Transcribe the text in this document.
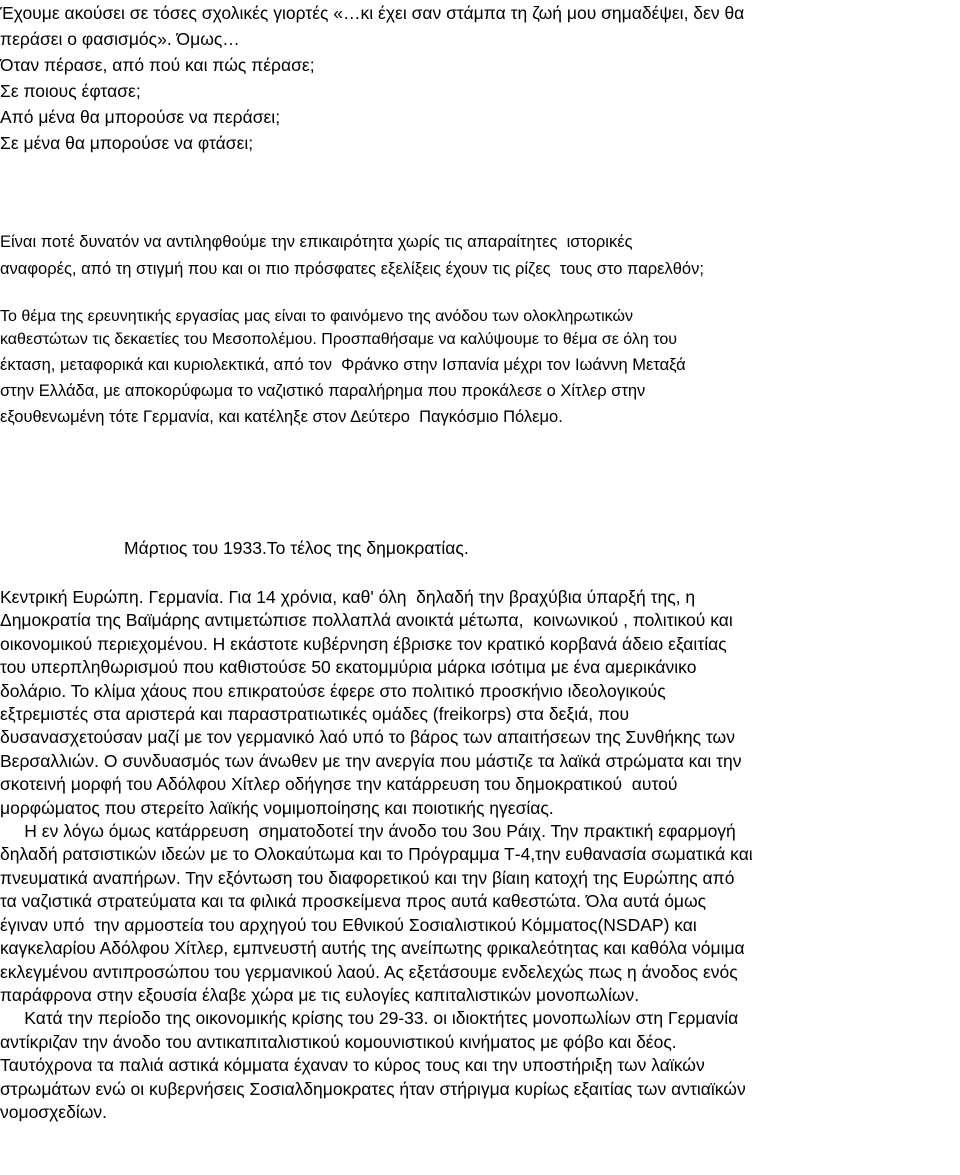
Έχουμε ακούσει σε τόσες σχολικές γιορτές «…κι έχει σαν στάμπα τη ζωή μου σημαδέψει, δεν θα
περάσει ο φασισμός». Όμως…
Όταν πέρασε, από πού και πώς πέρασε;
Σε ποιους έφτασε;
Από μένα θα μπορούσε να περάσει;
Σε μένα θα μπορούσε να φτάσει;
Είναι ποτέ δυνατόν να αντιληφθούμε την επικαιρότητα χωρίς τις απαραίτητες  ιστορικές
αναφορές, από τη στιγμή που και οι πιο πρόσφατες εξελίξεις έχουν τις ρίζες  τους στο παρελθόν;
Το θέμα της ερευνητικής εργασίας μας είναι το φαινόμενο της ανόδου των ολοκληρωτικών
καθεστώτων τις δεκαετίες του Μεσοπολέμου. Προσπαθήσαμε να καλύψουμε το θέμα σε όλη του
έκταση, μεταφορικά και κυριολεκτικά, από τον  Φράνκο στην Ισπανία μέχρι τον Ιωάννη Μεταξά
στην Ελλάδα, με αποκορύφωμα το ναζιστικό παραλήρημα που προκάλεσε ο Χίτλερ στην
εξουθενωμένη τότε Γερμανία, και κατέληξε στον Δεύτερο  Παγκόσμιο Πόλεμο.
Μάρτιος του 1933.Το τέλος της δημοκρατίας.
Κεντρική Ευρώπη. Γερμανία. Για 14 χρόνια, καθ' όλη  δηλαδή την βραχύβια ύπαρξή της, η
Δημοκρατία της Βαϊμάρης αντιμετώπισε πολλαπλά ανοικτά μέτωπα,  κοινωνικού , πολιτικού και
οικονομικού περιεχομένου. Η εκάστοτε κυβέρνηση έβρισκε τον κρατικό κορβανά άδειο εξαιτίας
του υπερπληθωρισμού που καθιστούσε 50 εκατομμύρια μάρκα ισότιμα με ένα αμερικάνικο
δολάριο. Το κλίμα χάους που επικρατούσε έφερε στο πολιτικό προσκήνιο ιδεολογικούς
εξτρεμιστές στα αριστερά και παραστρατιωτικές ομάδες (freikorps) στα δεξιά, που
δυσανασχετούσαν μαζί με τον γερμανικό λαό υπό το βάρος των απαιτήσεων της Συνθήκης των
Βερσαλλιών. Ο συνδυασμός των άνωθεν με την ανεργία που μάστιζε τα λαϊκά στρώματα και την
σκοτεινή μορφή του Αδόλφου Χίτλερ οδήγησε την κατάρρευση του δημοκρατικού  αυτού
μορφώματος που στερείτο λαϊκής νομιμοποίησης και ποιοτικής ηγεσίας.
Η εν λόγω όμως κατάρρευση  σηματοδοτεί την άνοδο του 3ου Ράιχ. Την πρακτική εφαρμογή
δηλαδή ρατσιστικών ιδεών με το Ολοκαύτωμα και το Πρόγραμμα Τ-4,την ευθανασία σωματικά και
πνευματικά αναπήρων. Την εξόντωση του διαφορετικού και την βίαιη κατοχή της Ευρώπης από
τα ναζιστικά στρατεύματα και τα φιλικά προσκείμενα προς αυτά καθεστώτα. Όλα αυτά όμως
έγιναν υπό  την αρμοστεία του αρχηγού του Εθνικού Σοσιαλιστικού Κόμματος(NSDAP) και
καγκελαρίου Αδόλφου Χίτλερ, εμπνευστή αυτής της ανείπωτης φρικαλεότητας και καθόλα νόμιμα
εκλεγμένου αντιπροσώπου του γερμανικού λαού. Ας εξετάσουμε ενδελεχώς πως η άνοδος ενός
παράφρονα στην εξουσία έλαβε χώρα με τις ευλογίες καπιταλιστικών μονοπωλίων.
Κατά την περίοδο της οικονομικής κρίσης του 29-33. οι ιδιοκτήτες μονοπωλίων στη Γερμανία
αντίκριζαν την άνοδο του αντικαπιταλιστικού κομουνιστικού κινήματος με φόβο και δέος.
Ταυτόχρονα τα παλιά αστικά κόμματα έχαναν το κύρος τους και την υποστήριξη των λαϊκών
στρωμάτων ενώ οι κυβερνήσεις Σοσιαλδημοκρατες ήταν στήριγμα κυρίως εξαιτίας των αντιαϊκών
νομοσχεδίων.
